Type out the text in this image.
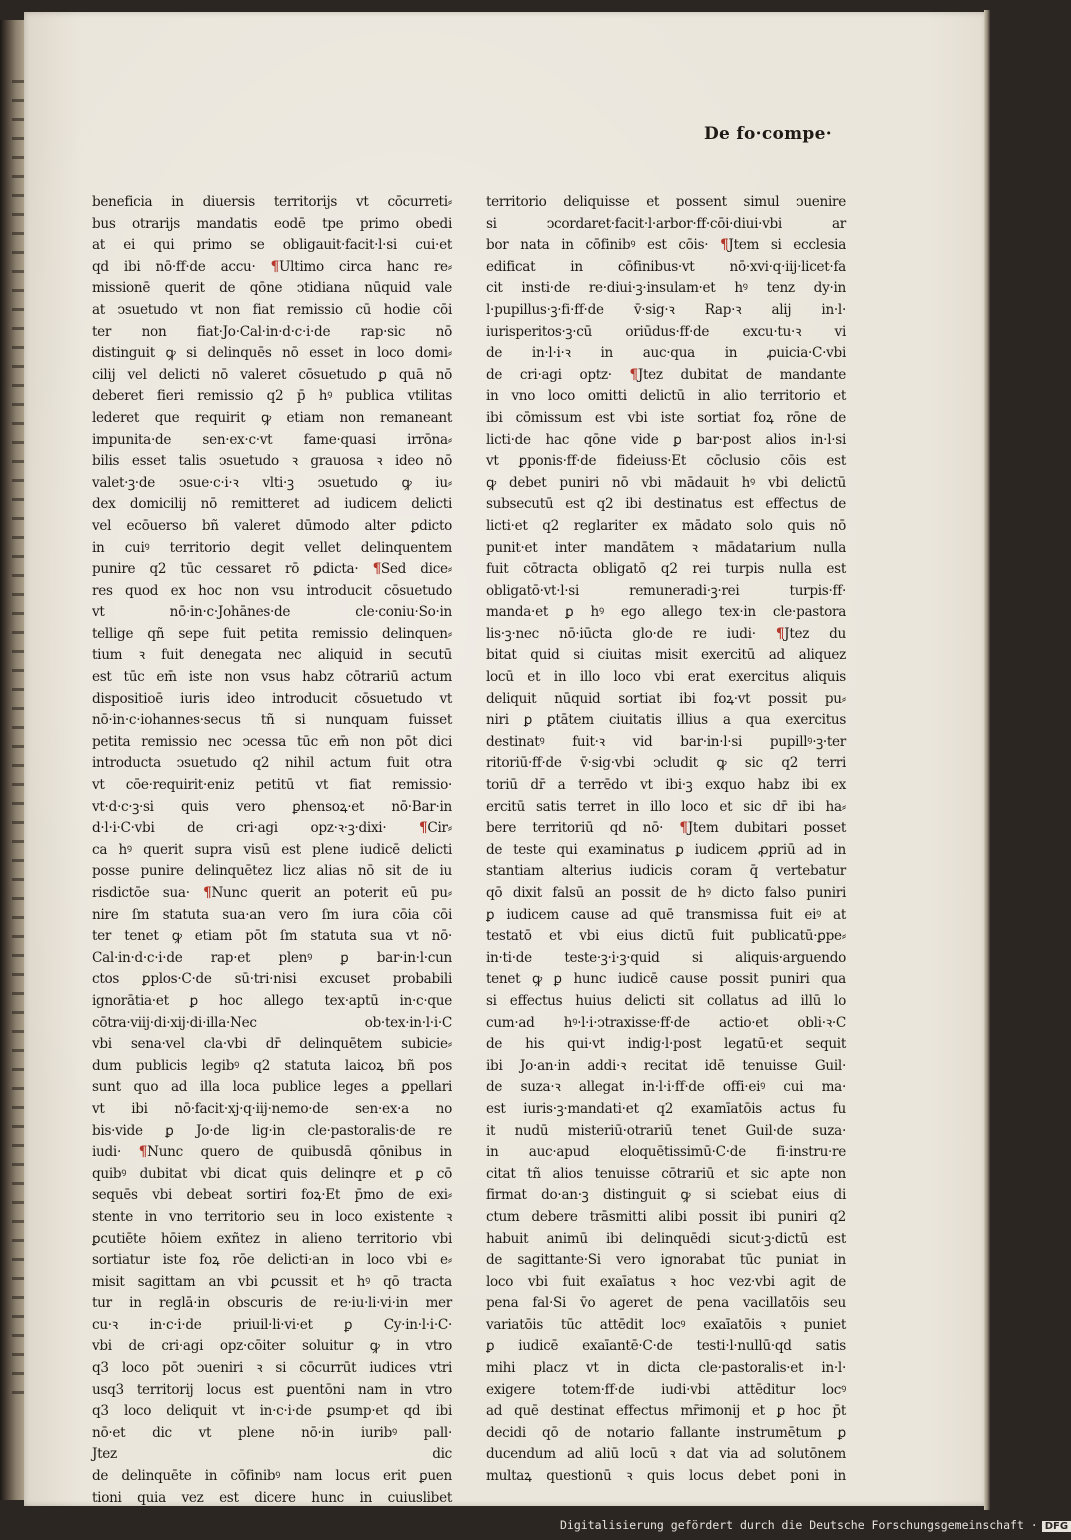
De fo·compe·
beneficia in diuersis territorijs vt cōcurreti⸗
bus otrarijs mandatis eodē tpe primo obedi
at ei qui primo se obligauit·facit·l·si cui·et
qd ibi nō·ff·de accu· ¶Ultimo circa hanc re⸗
missionē querit de qōne ↄtidiana nūquid vale
at ↄsuetudo vt non fiat remissio cū hodie cōi
ter non fiat·Jo·Cal·in·d·c·i·de rap·sic nō
distinguit ꝙ si delinquēs nō esset in loco domi⸗
cilij vel delicti nō valeret cōsuetudo ꝑ quā nō
deberet fieri remissio q2 p̄ hꝰ publica vtilitas
lederet que requirit ꝙ etiam non remaneant
impunita·de sen·ex·c·vt fame·quasi irrōna⸗
bilis esset talis ↄsuetudo ꝛ grauosa ꝛ ideo nō
valet·ꝫ·de ↄsue·c·i·ꝛ vlti·ꝫ ↄsuetudo ꝙ iu⸗
dex domicilij nō remitteret ad iudicem delicti
vel ecōuerso bñ valeret dūmodo alter ꝑdicto
in cuiꝰ territorio degit vellet delinquentem
punire q2 tūc cessaret rō ꝑdicta· ¶Sed dice⸗
res quod ex hoc non vsu introducit cōsuetudo
vt nō·in·c·Johānes·de cle·coniu·So·in
tellige qñ sepe fuit petita remissio delinquen⸗
tium ꝛ fuit denegata nec aliquid in secutū
est tūc em̄ iste non vsus habz cōtrariū actum
dispositioē iuris ideo introducit cōsuetudo vt
nō·in·c·iohannes·secus tñ si nunquam fuisset
petita remissio nec ↄcessa tūc em̄ non pōt dici
introducta ↄsuetudo q2 nihil actum fuit otra
vt cōe·requirit·eniz petitū vt fiat remissio·
vt·d·c·ꝫ·si quis vero ꝑhensoꝝ·et nō·Bar·in
d·l·i·C·vbi de cri·agi opz·ꝛ·ꝫ·dixi· ¶Cir⸗
ca hꝰ querit supra visū est plene iudicē delicti
posse punire delinquētez licz alias nō sit de iu
risdictōe sua· ¶Nunc querit an poterit eū pu⸗
nire ſm statuta sua·an vero ſm iura cōia cōi
ter tenet ꝙ etiam pōt ſm statuta sua vt nō·
Cal·in·d·c·i·de rap·et plenꝰ ꝑ bar·in·l·cun
ctos ꝑplos·C·de sū·tri·nisi excuset probabili
ignorātia·et ꝑ hoc allego tex·aptū in·c·que
cōtra·viij·di·xij·di·illa·Nec ob·tex·in·l·i·C
vbi sena·vel cla·vbi dr̄ delinquētem subicie⸗
dum publicis legibꝰ q2 statuta laicoꝝ bñ pos
sunt quo ad illa loca publice leges a ꝑpellari
vt ibi nō·facit·xj·q·iij·nemo·de sen·ex·a no
bis·vide ꝑ Jo·de lig·in cle·pastoralis·de re
iudi· ¶Nunc quero de quibusdā qōnibus in
quibꝰ dubitat vbi dicat quis delinqre et ꝑ cō
sequēs vbi debeat sortiri foꝝ·Et p̄mo de exi⸗
stente in vno territorio seu in loco existente ꝛ
ꝑcutiēte hōiem exñtez in alieno territorio vbi
sortiatur iste foꝝ rōe delicti·an in loco vbi e⸗
misit sagittam an vbi ꝑcussit et hꝰ qō tracta
tur in reglā·in obscuris de re·iu·li·vi·in mer
cu·ꝛ in·c·i·de priuil·li·vi·et ꝑ Cy·in·l·i·C·
vbi de cri·agi opz·cōiter soluitur ꝙ in vtro
q3 loco pōt ↄueniri ꝛ si cōcurrūt iudices vtri
usq3 territorij locus est ꝑuentōni nam in vtro
q3 loco deliquit vt in·c·i·de ꝑsump·et qd ibi
nō·et dic vt plene nō·in iuribꝰ pall·
Jtez dic
de delinquēte in cōfinibꝰ nam locus erit ꝑuen
tioni quia vez est dicere hunc in cuiuslibet
territorio deliquisse et possent simul ↄuenire
si ↄcordaret·facit·l·arbor·ff·cōi·diui·vbi ar
bor nata in cōfinibꝰ est cōis· ¶Jtem si ecclesia
edificat in cōfinibus·vt nō·xvi·q·iij·licet·fa
cit insti·de re·diui·ꝫ·insulam·et hꝰ tenz dy·in
l·pupillus·ꝫ·fi·ff·de v̄·sig·ꝛ Rap·ꝛ alij in·l·
iurisperitos·ꝫ·cū oriūdus·ff·de excu·tu·ꝛ vi
de in·l·i·ꝛ in auc·qua in ꝓuicia·C·vbi
de cri·agi optz· ¶Jtez dubitat de mandante
in vno loco omitti delictū in alio territorio et
ibi cōmissum est vbi iste sortiat foꝝ rōne de
licti·de hac qōne vide ꝑ bar·post alios in·l·si
vt ꝑponis·ff·de fideiuss·Et cōclusio cōis est
ꝙ debet puniri nō vbi mādauit hꝰ vbi delictū
subsecutū est q2 ibi destinatus est effectus de
licti·et q2 reglariter ex mādato solo quis nō
punit·et inter mandātem ꝛ mādatarium nulla
fuit cōtracta obligatō q2 rei turpis nulla est
obligatō·vt·l·si remuneradi·ꝫ·rei turpis·ff·
manda·et ꝑ hꝰ ego allego tex·in cle·pastora
lis·ꝫ·nec nō·iūcta glo·de re iudi· ¶Jtez du
bitat quid si ciuitas misit exercitū ad aliquez
locū et in illo loco vbi erat exercitus aliquis
deliquit nūquid sortiat ibi foꝝ·vt possit pu⸗
niri ꝑ ꝑtātem ciuitatis illius a qua exercitus
destinatꝰ fuit·ꝛ vid bar·in·l·si pupillꝰ·ꝫ·ter
ritoriū·ff·de v̄·sig·vbi ↄcludit ꝙ sic q2 terri
toriū dr̄ a terrēdo vt ibi·ꝫ exquo habz ibi ex
ercitū satis terret in illo loco et sic dr̄ ibi ha⸗
bere territoriū qd nō· ¶Jtem dubitari posset
de teste qui examinatus ꝑ iudicem ꝓpriū ad in
stantiam alterius iudicis coram q̄ vertebatur
qō dixit falsū an possit de hꝰ dicto falso puniri
ꝑ iudicem cause ad quē transmissa fuit eiꝰ at
testatō et vbi eius dictū fuit publicatū·ꝑpe⸗
in·ti·de teste·ꝫ·i·ꝫ·quid si aliquis·arguendo
tenet ꝙ ꝑ hunc iudicē cause possit puniri qua
si effectus huius delicti sit collatus ad illū lo
cum·ad hꝰ·l·i·ↄtraxisse·ff·de actio·et obli·ꝛ·C
de his qui·vt indig·l·post legatū·et sequit
ibi Jo·an·in addi·ꝛ recitat idē tenuisse Guil·
de suza·ꝛ allegat in·l·i·ff·de offi·eiꝰ cui ma·
est iuris·ꝫ·mandati·et q2 examīatōis actus fu
it nudū misteriū·otrariū tenet Guil·de suza·
in auc·apud eloquētissimū·C·de fi·instru·re
citat tñ alios tenuisse cōtrariū et sic apte non
firmat do·an·ꝫ distinguit ꝙ si sciebat eius di
ctum debere trāsmitti alibi possit ibi puniri q2
habuit animū ibi delinquēdi sicut·ꝫ·dictū est
de sagittante·Si vero ignorabat tūc puniat in
loco vbi fuit exaīatus ꝛ hoc vez·vbi agit de
pena fal·Si v̄o ageret de pena vacillatōis seu
variatōis tūc attēdit locꝰ exaīatōis ꝛ puniet
ꝑ iudicē exaīantē·C·de testi·l·nullū·qd satis
mihi placz vt in dicta cle·pastoralis·et in·l·
exigere totem·ff·de iudi·vbi attēditur locꝰ
ad quē destinat effectus mr̄imonij et ꝑ hoc p̄t
decidi qō de notario fallante instrumētum ꝑ
ducendum ad aliū locū ꝛ dat via ad solutōnem
multaꝝ questionū ꝛ quis locus debet poni in
Digitalisierung gefördert durch die Deutsche Forschungsgemeinschaft · DFG
